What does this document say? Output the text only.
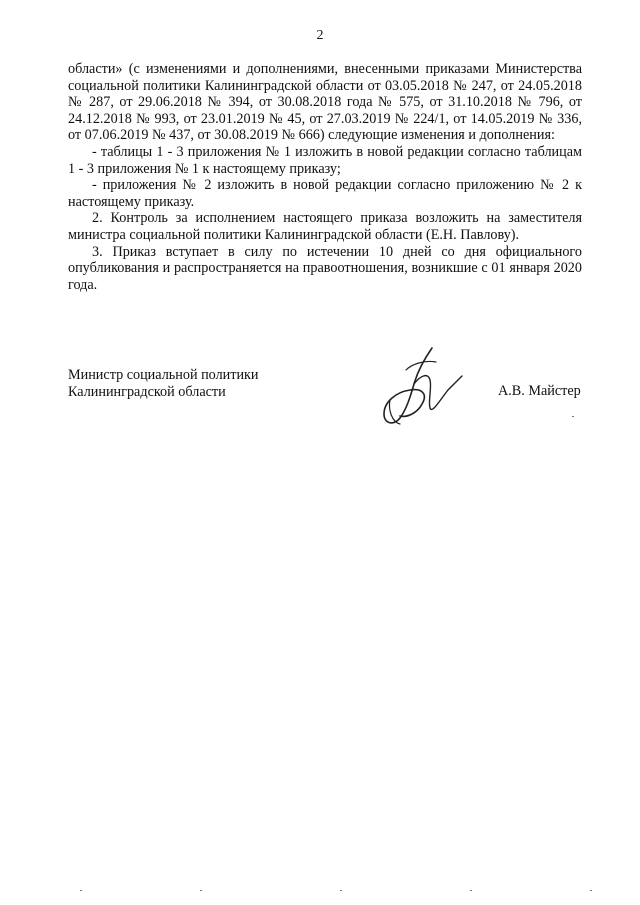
2

области» (с изменениями и дополнениями, внесенными приказами Министерства социальной политики Калининградской области от 03.05.2018 № 247, от 24.05.2018 № 287, от 29.06.2018 № 394, от 30.08.2018 года № 575, от 31.10.2018 № 796, от 24.12.2018 № 993, от 23.01.2019 № 45, от 27.03.2019 № 224/1, от 14.05.2019 № 336, от 07.06.2019 № 437, от 30.08.2019 № 666) следующие изменения и дополнения:

- таблицы 1 - 3 приложения № 1 изложить в новой редакции согласно таблицам 1 - 3 приложения № 1 к настоящему приказу;

- приложения № 2 изложить в новой редакции согласно приложению № 2 к настоящему приказу.

2. Контроль за исполнением настоящего приказа возложить на заместителя министра социальной политики Калининградской области (Е.Н. Павлову).

3. Приказ вступает в силу по истечении 10 дней со дня официального опубликования и распространяется на правоотношения, возникшие с 01 января 2020 года.

Министр социальной политики
Калининградской области	А.В. Майстер
